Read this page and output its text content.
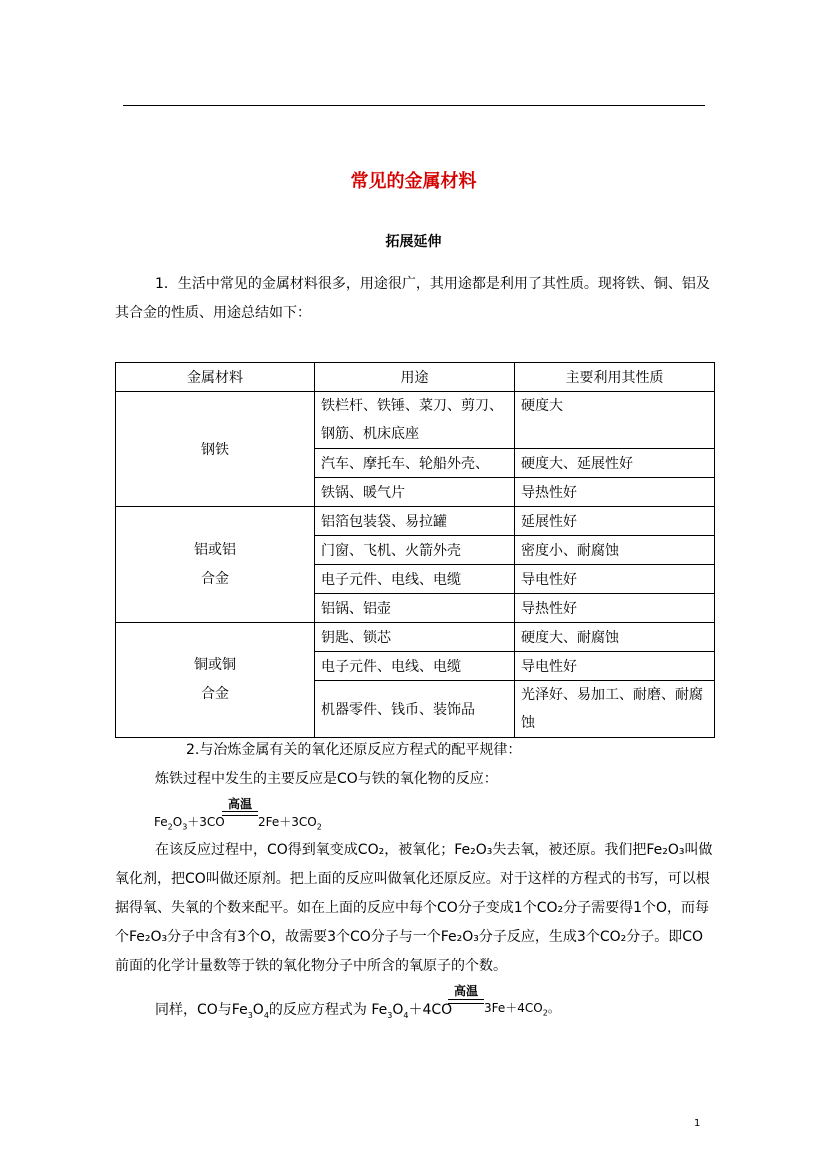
常见的金属材料
拓展延伸
1．生活中常见的金属材料很多，用途很广，其用途都是利用了其性质。现将铁、铜、铝及其合金的性质、用途总结如下：
金属材料	用途	主要利用其性质
钢铁	铁栏杆、铁锤、菜刀、剪刀、钢筋、机床底座	硬度大
	汽车、摩托车、轮船外壳、	硬度大、延展性好
	铁锅、暖气片	导热性好

铝或铝
合金	铝箔包装袋、易拉罐	延展性好
	门窗、飞机、火箭外壳	密度小、耐腐蚀
	电子元件、电线、电缆	导电性好
	铝锅、铝壶	导热性好

铜或铜
合金	钥匙、锁芯	硬度大、耐腐蚀
	电子元件、电线、电缆	导电性好
	机器零件、钱币、装饰品	光泽好、易加工、耐磨、耐腐蚀
2.与冶炼金属有关的氧化还原反应方程式的配平规律：
炼铁过程中发生的主要反应是CO与铁的氧化物的反应：
高温
$Fe_2O_3+3CO$	$2Fe+3CO_2$
在该反应过程中，CO得到氧变成CO₂，被氧化；Fe₂O₃失去氧，被还原。我们把Fe₂O₃叫做氧化剂，把CO叫做还原剂。把上面的反应叫做氧化还原反应。对于这样的方程式的书写，可以根据得氧、失氧的个数来配平。如在上面的反应中每个CO分子变成1个CO₂分子需要得1个O，而每个Fe₂O₃分子中含有3个O，故需要3个CO分子与一个Fe₂O₃分子反应，生成3个CO₂分子。即CO前面的化学计量数等于铁的氧化物分子中所含的氧原子的个数。
同样，CO与$Fe_3O_4$的反应方程式为 $Fe_3O_4+4CO$
高温
$3Fe+4CO_2$。
1
